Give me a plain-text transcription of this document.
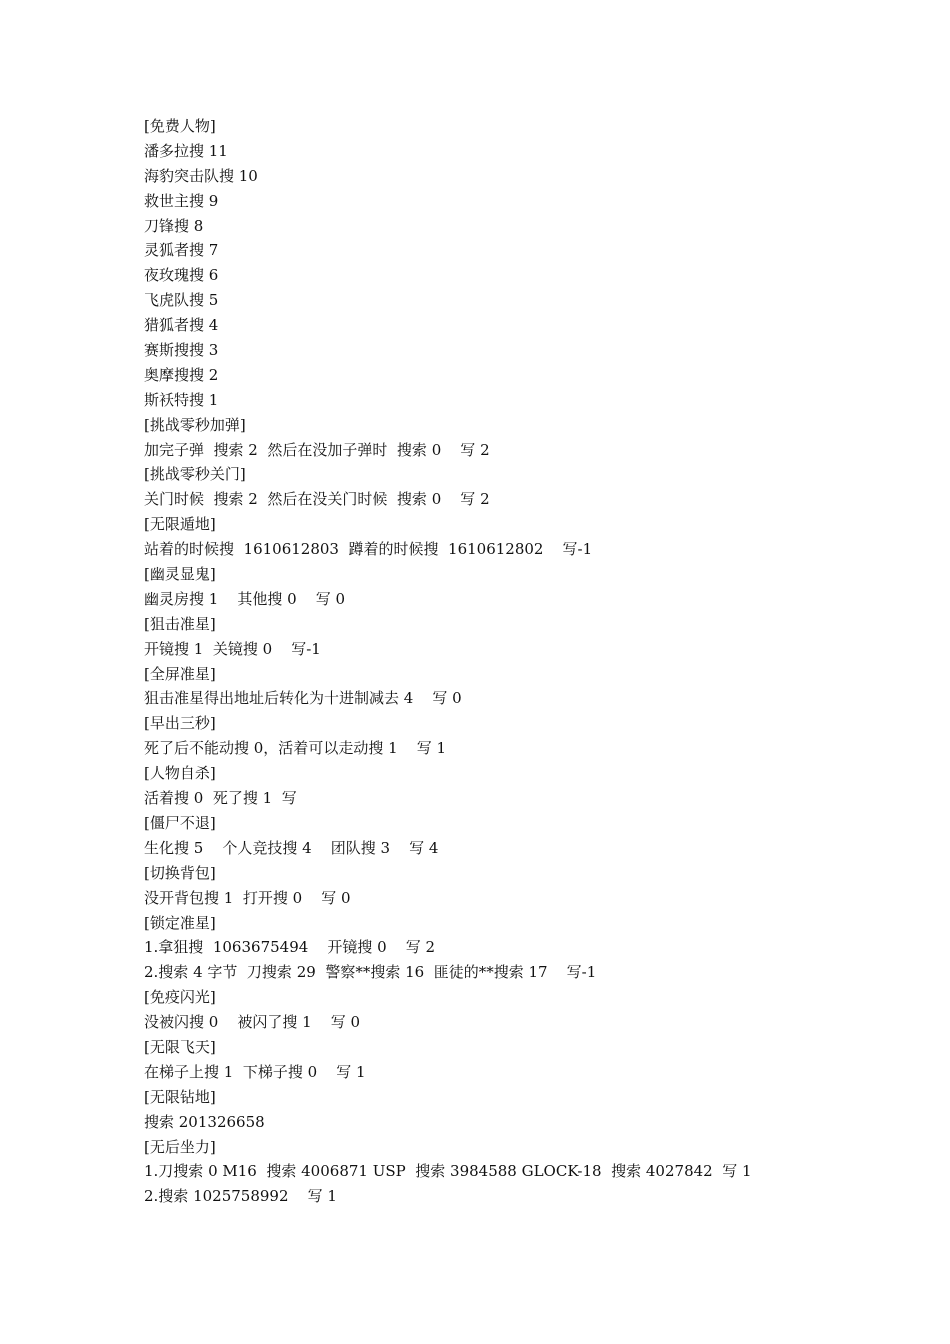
[免费人物]
潘多拉搜 11
海豹突击队搜 10
救世主搜 9
刀锋搜 8
灵狐者搜 7
夜玫瑰搜 6
飞虎队搜 5
猎狐者搜 4
赛斯搜搜 3
奥摩搜搜 2
斯袄特搜 1
[挑战零秒加弹]
加完子弹  搜索 2  然后在没加子弹时  搜索 0    写 2
[挑战零秒关门]
关门时候  搜索 2  然后在没关门时候  搜索 0    写 2
[无限遁地]
站着的时候搜  1610612803  蹲着的时候搜  1610612802    写-1
[幽灵显鬼]
幽灵房搜 1    其他搜 0    写 0
[狙击准星]
开镜搜 1  关镜搜 0    写-1
[全屏准星]
狙击准星得出地址后转化为十进制减去 4    写 0
[早出三秒]
死了后不能动搜 0，活着可以走动搜 1    写 1
[人物自杀]
活着搜 0  死了搜 1  写
[僵尸不退]
生化搜 5    个人竞技搜 4    团队搜 3    写 4
[切换背包]
没开背包搜 1  打开搜 0    写 0
[锁定准星]
1.拿狙搜  1063675494    开镜搜 0    写 2
2.搜索 4 字节  刀搜索 29  警察**搜索 16  匪徒的**搜索 17    写-1
[免疫闪光]
没被闪搜 0    被闪了搜 1    写 0
[无限飞天]
在梯子上搜 1  下梯子搜 0    写 1
[无限钻地]
搜索 201326658
[无后坐力]
1.刀搜索 0 M16  搜索 4006871 USP  搜索 3984588 GLOCK-18  搜索 4027842  写 1
2.搜索 1025758992    写 1
